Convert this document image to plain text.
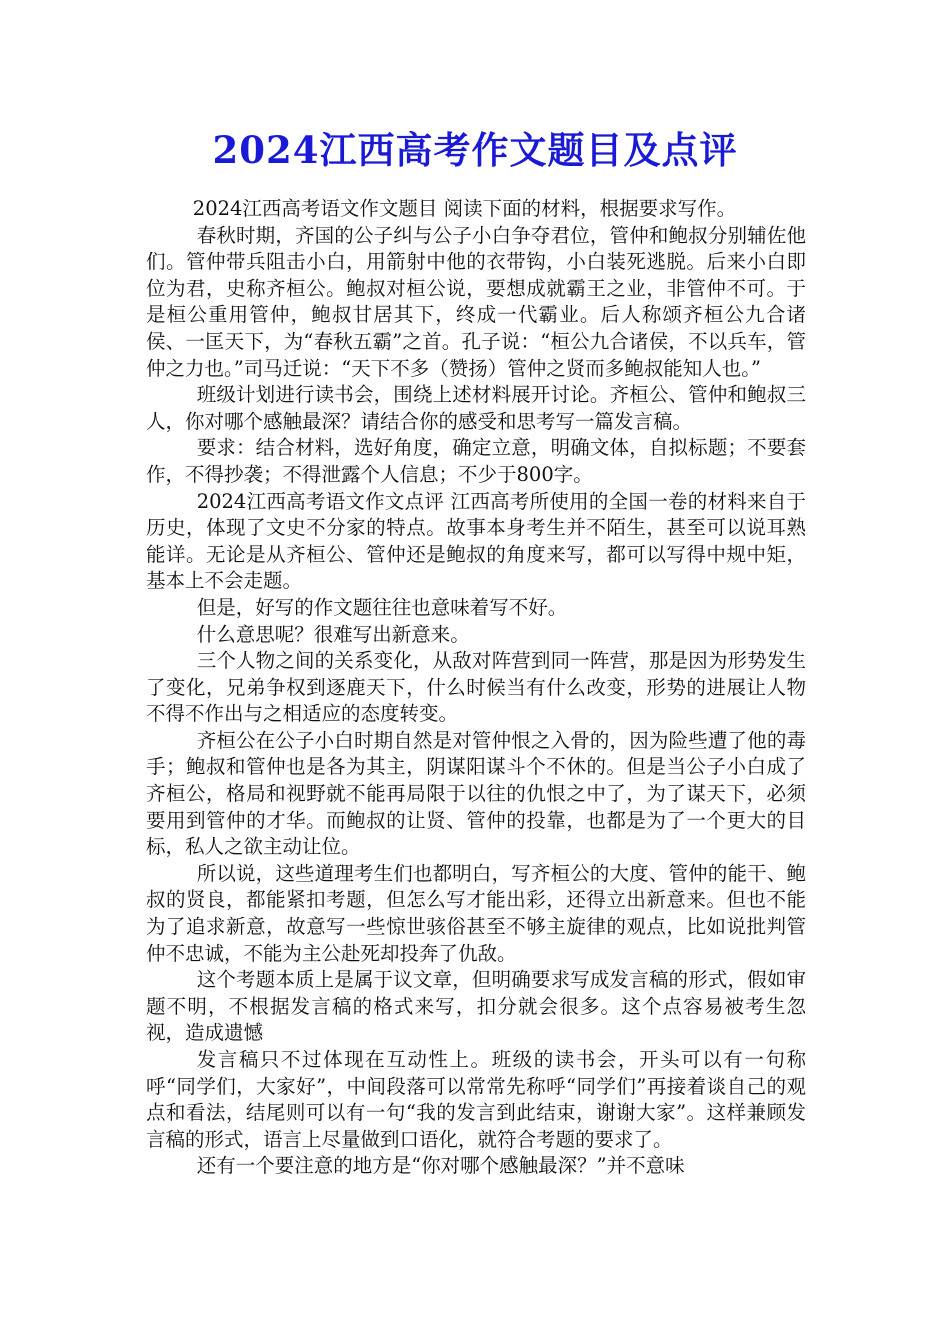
2024江西高考作文题目及点评

2024江西高考语文作文题目 阅读下面的材料，根据要求写作。

春秋时期，齐国的公子纠与公子小白争夺君位，管仲和鲍叔分别辅佐他们。管仲带兵阻击小白，用箭射中他的衣带钩，小白装死逃脱。后来小白即位为君，史称齐桓公。鲍叔对桓公说，要想成就霸王之业，非管仲不可。于是桓公重用管仲，鲍叔甘居其下，终成一代霸业。后人称颂齐桓公九合诸侯、一匡天下，为“春秋五霸”之首。孔子说：“桓公九合诸侯，不以兵车，管仲之力也。”司马迁说：“天下不多（赞扬）管仲之贤而多鲍叔能知人也。”

班级计划进行读书会，围绕上述材料展开讨论。齐桓公、管仲和鲍叔三人，你对哪个感触最深？请结合你的感受和思考写一篇发言稿。

要求：结合材料，选好角度，确定立意，明确文体，自拟标题；不要套作，不得抄袭；不得泄露个人信息；不少于800字。

2024江西高考语文作文点评 江西高考所使用的全国一卷的材料来自于历史，体现了文史不分家的特点。故事本身考生并不陌生，甚至可以说耳熟能详。无论是从齐桓公、管仲还是鲍叔的角度来写，都可以写得中规中矩，基本上不会走题。

但是，好写的作文题往往也意味着写不好。

什么意思呢？很难写出新意来。

三个人物之间的关系变化，从敌对阵营到同一阵营，那是因为形势发生了变化，兄弟争权到逐鹿天下，什么时候当有什么改变，形势的进展让人物不得不作出与之相适应的态度转变。

齐桓公在公子小白时期自然是对管仲恨之入骨的，因为险些遭了他的毒手；鲍叔和管仲也是各为其主，阴谋阳谋斗个不休的。但是当公子小白成了齐桓公，格局和视野就不能再局限于以往的仇恨之中了，为了谋天下，必须要用到管仲的才华。而鲍叔的让贤、管仲的投靠，也都是为了一个更大的目标，私人之欲主动让位。

所以说，这些道理考生们也都明白，写齐桓公的大度、管仲的能干、鲍叔的贤良，都能紧扣考题，但怎么写才能出彩，还得立出新意来。但也不能为了追求新意，故意写一些惊世骇俗甚至不够主旋律的观点，比如说批判管仲不忠诚，不能为主公赴死却投奔了仇敌。

这个考题本质上是属于议文章，但明确要求写成发言稿的形式，假如审题不明，不根据发言稿的格式来写，扣分就会很多。这个点容易被考生忽视，造成遗憾

发言稿只不过体现在互动性上。班级的读书会，开头可以有一句称呼“同学们，大家好”，中间段落可以常常先称呼“同学们”再接着谈自己的观点和看法，结尾则可以有一句“我的发言到此结束，谢谢大家”。这样兼顾发言稿的形式，语言上尽量做到口语化，就符合考题的要求了。

还有一个要注意的地方是“你对哪个感触最深？”并不意味
